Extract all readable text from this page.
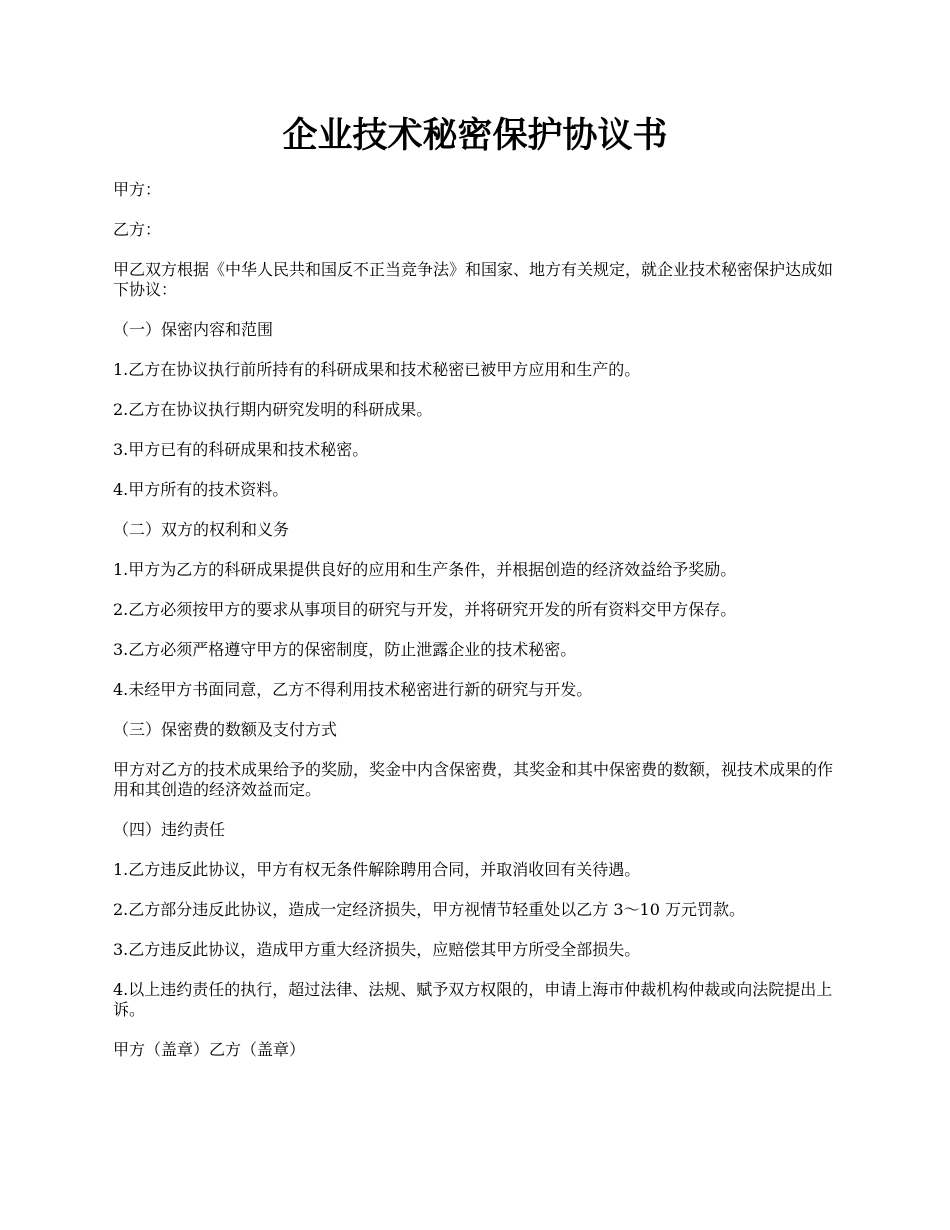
企业技术秘密保护协议书

甲方：

乙方：

甲乙双方根据《中华人民共和国反不正当竞争法》和国家、地方有关规定，就企业技术秘密保护达成如下协议：

（一）保密内容和范围

1.乙方在协议执行前所持有的科研成果和技术秘密已被甲方应用和生产的。

2.乙方在协议执行期内研究发明的科研成果。

3.甲方已有的科研成果和技术秘密。

4.甲方所有的技术资料。

（二）双方的权利和义务

1.甲方为乙方的科研成果提供良好的应用和生产条件，并根据创造的经济效益给予奖励。

2.乙方必须按甲方的要求从事项目的研究与开发，并将研究开发的所有资料交甲方保存。

3.乙方必须严格遵守甲方的保密制度，防止泄露企业的技术秘密。

4.未经甲方书面同意，乙方不得利用技术秘密进行新的研究与开发。

（三）保密费的数额及支付方式

甲方对乙方的技术成果给予的奖励，奖金中内含保密费，其奖金和其中保密费的数额，视技术成果的作用和其创造的经济效益而定。

（四）违约责任

1.乙方违反此协议，甲方有权无条件解除聘用合同，并取消收回有关待遇。

2.乙方部分违反此协议，造成一定经济损失，甲方视情节轻重处以乙方 3～10 万元罚款。

3.乙方违反此协议，造成甲方重大经济损失，应赔偿其甲方所受全部损失。

4.以上违约责任的执行，超过法律、法规、赋予双方权限的，申请上海市仲裁机构仲裁或向法院提出上诉。

甲方（盖章）乙方（盖章）
